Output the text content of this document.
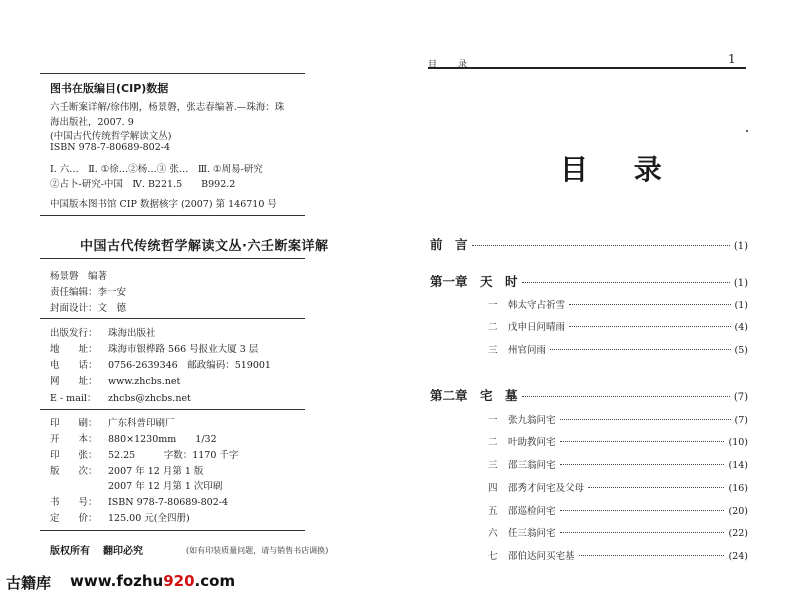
图书在版编目(CIP)数据
六壬断案详解/徐伟刚，杨景磐，张志春编著.—珠海：珠
海出版社，2007. 9
(中国古代传统哲学解读文丛)
ISBN 978-7-80689-802-4
Ⅰ. 六…　Ⅱ. ①徐…②杨…③ 张…　Ⅲ. ①周易-研究
②占卜-研究-中国　Ⅳ. B221.5　　B992.2
中国版本图书馆 CIP 数据核字 (2007) 第 146710 号
中国古代传统哲学解读文丛·六壬断案详解
杨景磐　编著
责任编辑：李一安
封面设计：文　德
出版发行： 珠海出版社
地　　址： 珠海市银桦路 566 号报业大厦 3 层
电　　话： 0756-2639346　邮政编码：519001
网　　址： www.zhcbs.net
E - mail： zhcbs@zhcbs.net
印　　刷： 广东科普印刷厂
开　　本： 880×1230mm　　1/32
印　　张： 52.25　　　字数：1170 千字
版　　次： 2007 年 12 月第 1 版
2007 年 12 月第 1 次印刷
书　　号： ISBN 978-7-80689-802-4
定　　价： 125.00 元(全四册)
版权所有 翻印必究	(如有印装质量问题，请与销售书店调换)
古籍库 www.fozhu920.com
目　录	1
目 录
前　言	(1)
第一章　天　时	(1)
一 韩太守占祈雪	(1)
二 戊申日问晴雨	(4)
三 州官问雨	(5)
第二章　宅　墓	(7)
一 张九翁问宅	(7)
二 叶助教问宅	(10)
三 邵三翁问宅	(14)
四 邵秀才问宅及父母	(16)
五 邵巡检问宅	(20)
六 任三翁问宅	(22)
七 邵伯达问买宅基	(24)
